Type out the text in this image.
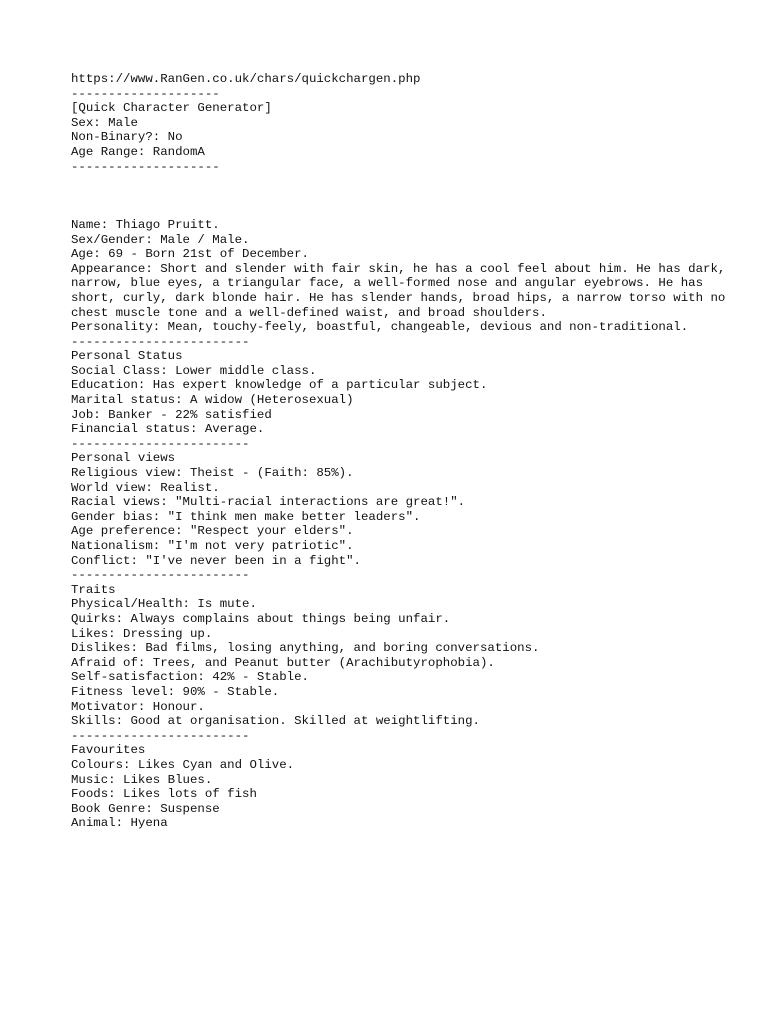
https://www.RanGen.co.uk/chars/quickchargen.php
--------------------
[Quick Character Generator]
Sex: Male
Non-Binary?: No
Age Range: RandomA
--------------------
Name: Thiago Pruitt.
Sex/Gender: Male / Male.
Age: 69 - Born 21st of December.
Appearance: Short and slender with fair skin, he has a cool feel about him. He has dark, narrow, blue eyes, a triangular face, a well-formed nose and angular eyebrows. He has short, curly, dark blonde hair. He has slender hands, broad hips, a narrow torso with no chest muscle tone and a well-defined waist, and broad shoulders.
Personality: Mean, touchy-feely, boastful, changeable, devious and non-traditional.
------------------------
Personal Status
Social Class: Lower middle class.
Education: Has expert knowledge of a particular subject.
Marital status: A widow (Heterosexual)
Job: Banker - 22% satisfied
Financial status: Average.
------------------------
Personal views
Religious view: Theist - (Faith: 85%).
World view: Realist.
Racial views: "Multi-racial interactions are great!".
Gender bias: "I think men make better leaders".
Age preference: "Respect your elders".
Nationalism: "I'm not very patriotic".
Conflict: "I've never been in a fight".
------------------------
Traits
Physical/Health: Is mute.
Quirks: Always complains about things being unfair.
Likes: Dressing up.
Dislikes: Bad films, losing anything, and boring conversations.
Afraid of: Trees, and Peanut butter (Arachibutyrophobia).
Self-satisfaction: 42% - Stable.
Fitness level: 90% - Stable.
Motivator: Honour.
Skills: Good at organisation. Skilled at weightlifting.
------------------------
Favourites
Colours: Likes Cyan and Olive.
Music: Likes Blues.
Foods: Likes lots of fish
Book Genre: Suspense
Animal: Hyena
